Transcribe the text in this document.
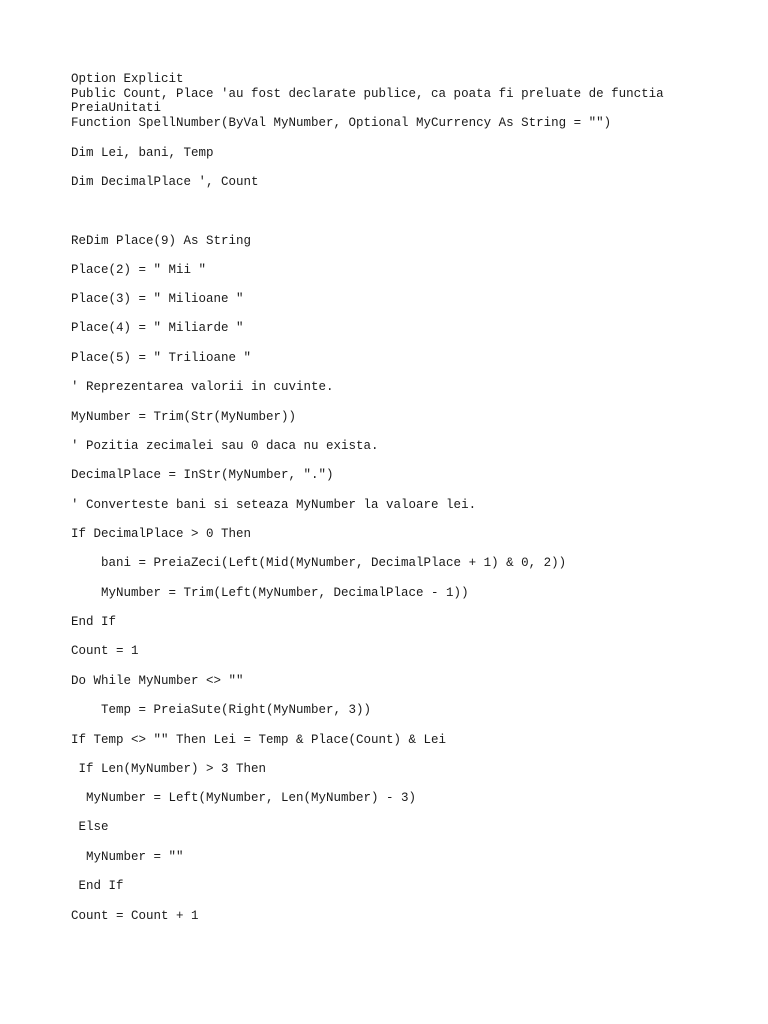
Option Explicit

Public Count, Place 'au fost declarate publice, ca poata fi preluate de functia

PreiaUnitati

Function SpellNumber(ByVal MyNumber, Optional MyCurrency As String = "")

Dim Lei, bani, Temp

Dim DecimalPlace ', Count

ReDim Place(9) As String

Place(2) = " Mii "

Place(3) = " Milioane "

Place(4) = " Miliarde "

Place(5) = " Trilioane "

' Reprezentarea valorii in cuvinte.

MyNumber = Trim(Str(MyNumber))

' Pozitia zecimalei sau 0 daca nu exista.

DecimalPlace = InStr(MyNumber, ".")

' Converteste bani si seteaza MyNumber la valoare lei.

If DecimalPlace > 0 Then

bani = PreiaZeci(Left(Mid(MyNumber, DecimalPlace + 1) & 0, 2))

MyNumber = Trim(Left(MyNumber, DecimalPlace - 1))

End If

Count = 1

Do While MyNumber <> ""

Temp = PreiaSute(Right(MyNumber, 3))

If Temp <> "" Then Lei = Temp & Place(Count) & Lei

If Len(MyNumber) > 3 Then

MyNumber = Left(MyNumber, Len(MyNumber) - 3)

Else

MyNumber = ""

End If

Count = Count + 1
